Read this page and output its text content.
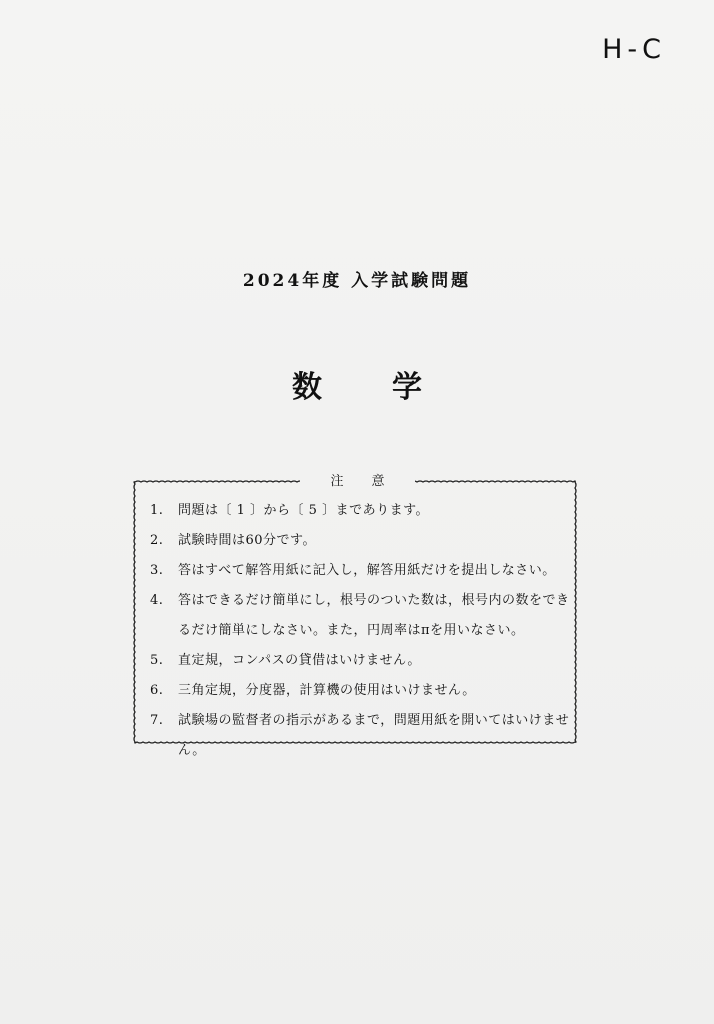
H-C
2024年度 入学試験問題
数学
注意
1.	問題は〔 1 〕から〔 5 〕まであります。
2.	試験時間は60分です。
3.	答はすべて解答用紙に記入し，解答用紙だけを提出しなさい。
4.	答はできるだけ簡単にし，根号のついた数は，根号内の数をできるだけ簡単にしなさい。また，円周率はπを用いなさい。
5.	直定規，コンパスの貸借はいけません。
6.	三角定規，分度器，計算機の使用はいけません。
7.	試験場の監督者の指示があるまで，問題用紙を開いてはいけません。
